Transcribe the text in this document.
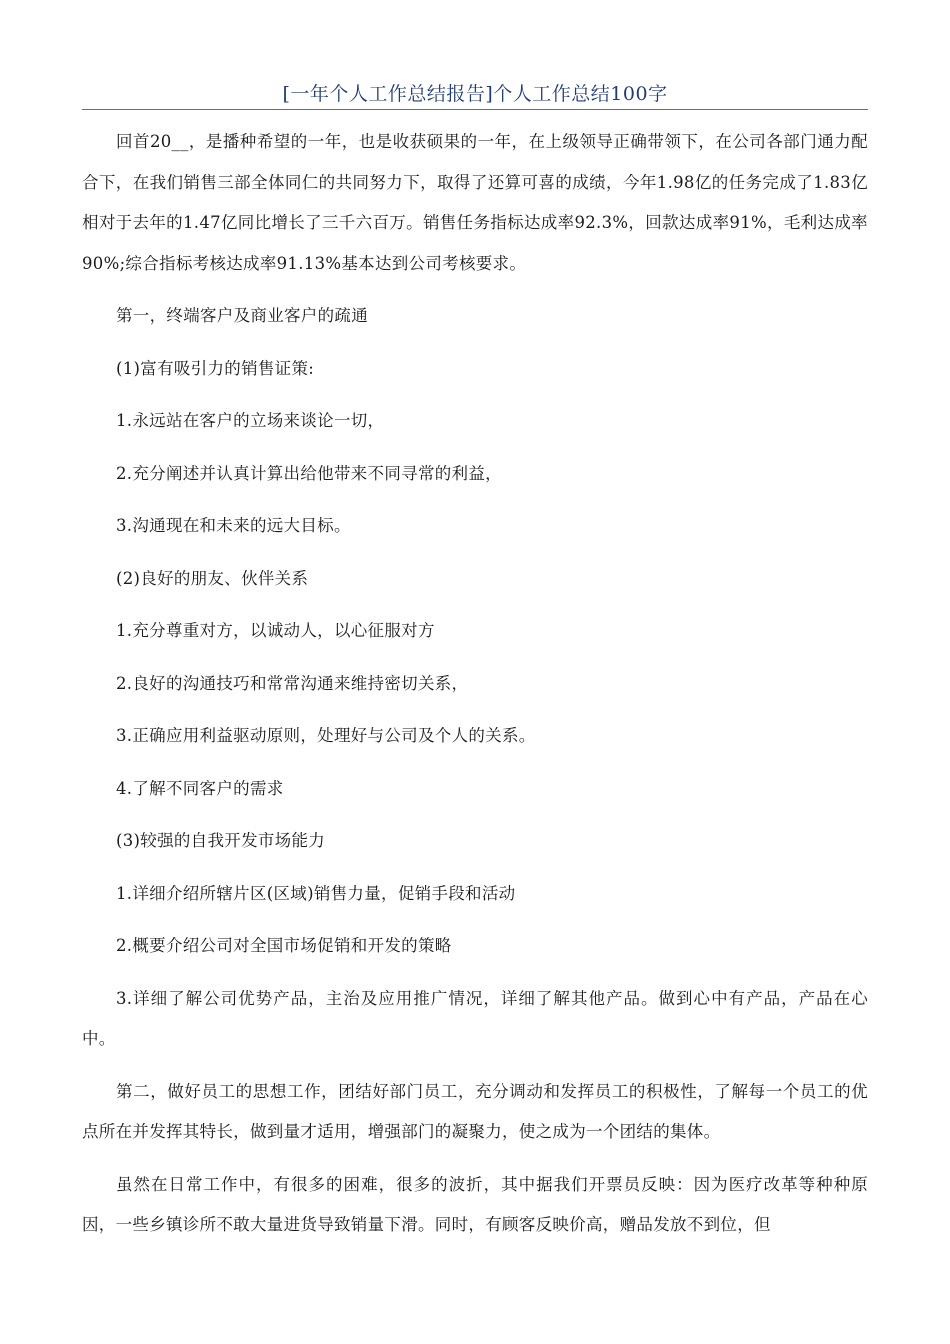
[一年个人工作总结报告]个人工作总结100字

回首20__，是播种希望的一年，也是收获硕果的一年，在上级领导正确带领下，在公司各部门通力配合下，在我们销售三部全体同仁的共同努力下，取得了还算可喜的成绩，今年1.98亿的任务完成了1.83亿相对于去年的1.47亿同比增长了三千六百万。销售任务指标达成率92.3%，回款达成率91%，毛利达成率90%;综合指标考核达成率91.13%基本达到公司考核要求。

第一，终端客户及商业客户的疏通

(1)富有吸引力的销售证策:

1.永远站在客户的立场来谈论一切，

2.充分阐述并认真计算出给他带来不同寻常的利益，

3.沟通现在和未来的远大目标。

(2)良好的朋友、伙伴关系

1.充分尊重对方，以诚动人，以心征服对方

2.良好的沟通技巧和常常沟通来维持密切关系，

3.正确应用利益驱动原则，处理好与公司及个人的关系。

4.了解不同客户的需求

(3)较强的自我开发市场能力

1.详细介绍所辖片区(区域)销售力量，促销手段和活动

2.概要介绍公司对全国市场促销和开发的策略

3.详细了解公司优势产品，主治及应用推广情况，详细了解其他产品。做到心中有产品，产品在心中。

第二，做好员工的思想工作，团结好部门员工，充分调动和发挥员工的积极性，了解每一个员工的优点所在并发挥其特长，做到量才适用，增强部门的凝聚力，使之成为一个团结的集体。

虽然在日常工作中，有很多的困难，很多的波折，其中据我们开票员反映：因为医疗改革等种种原因，一些乡镇诊所不敢大量进货导致销量下滑。同时，有顾客反映价高，赠品发放不到位，但
